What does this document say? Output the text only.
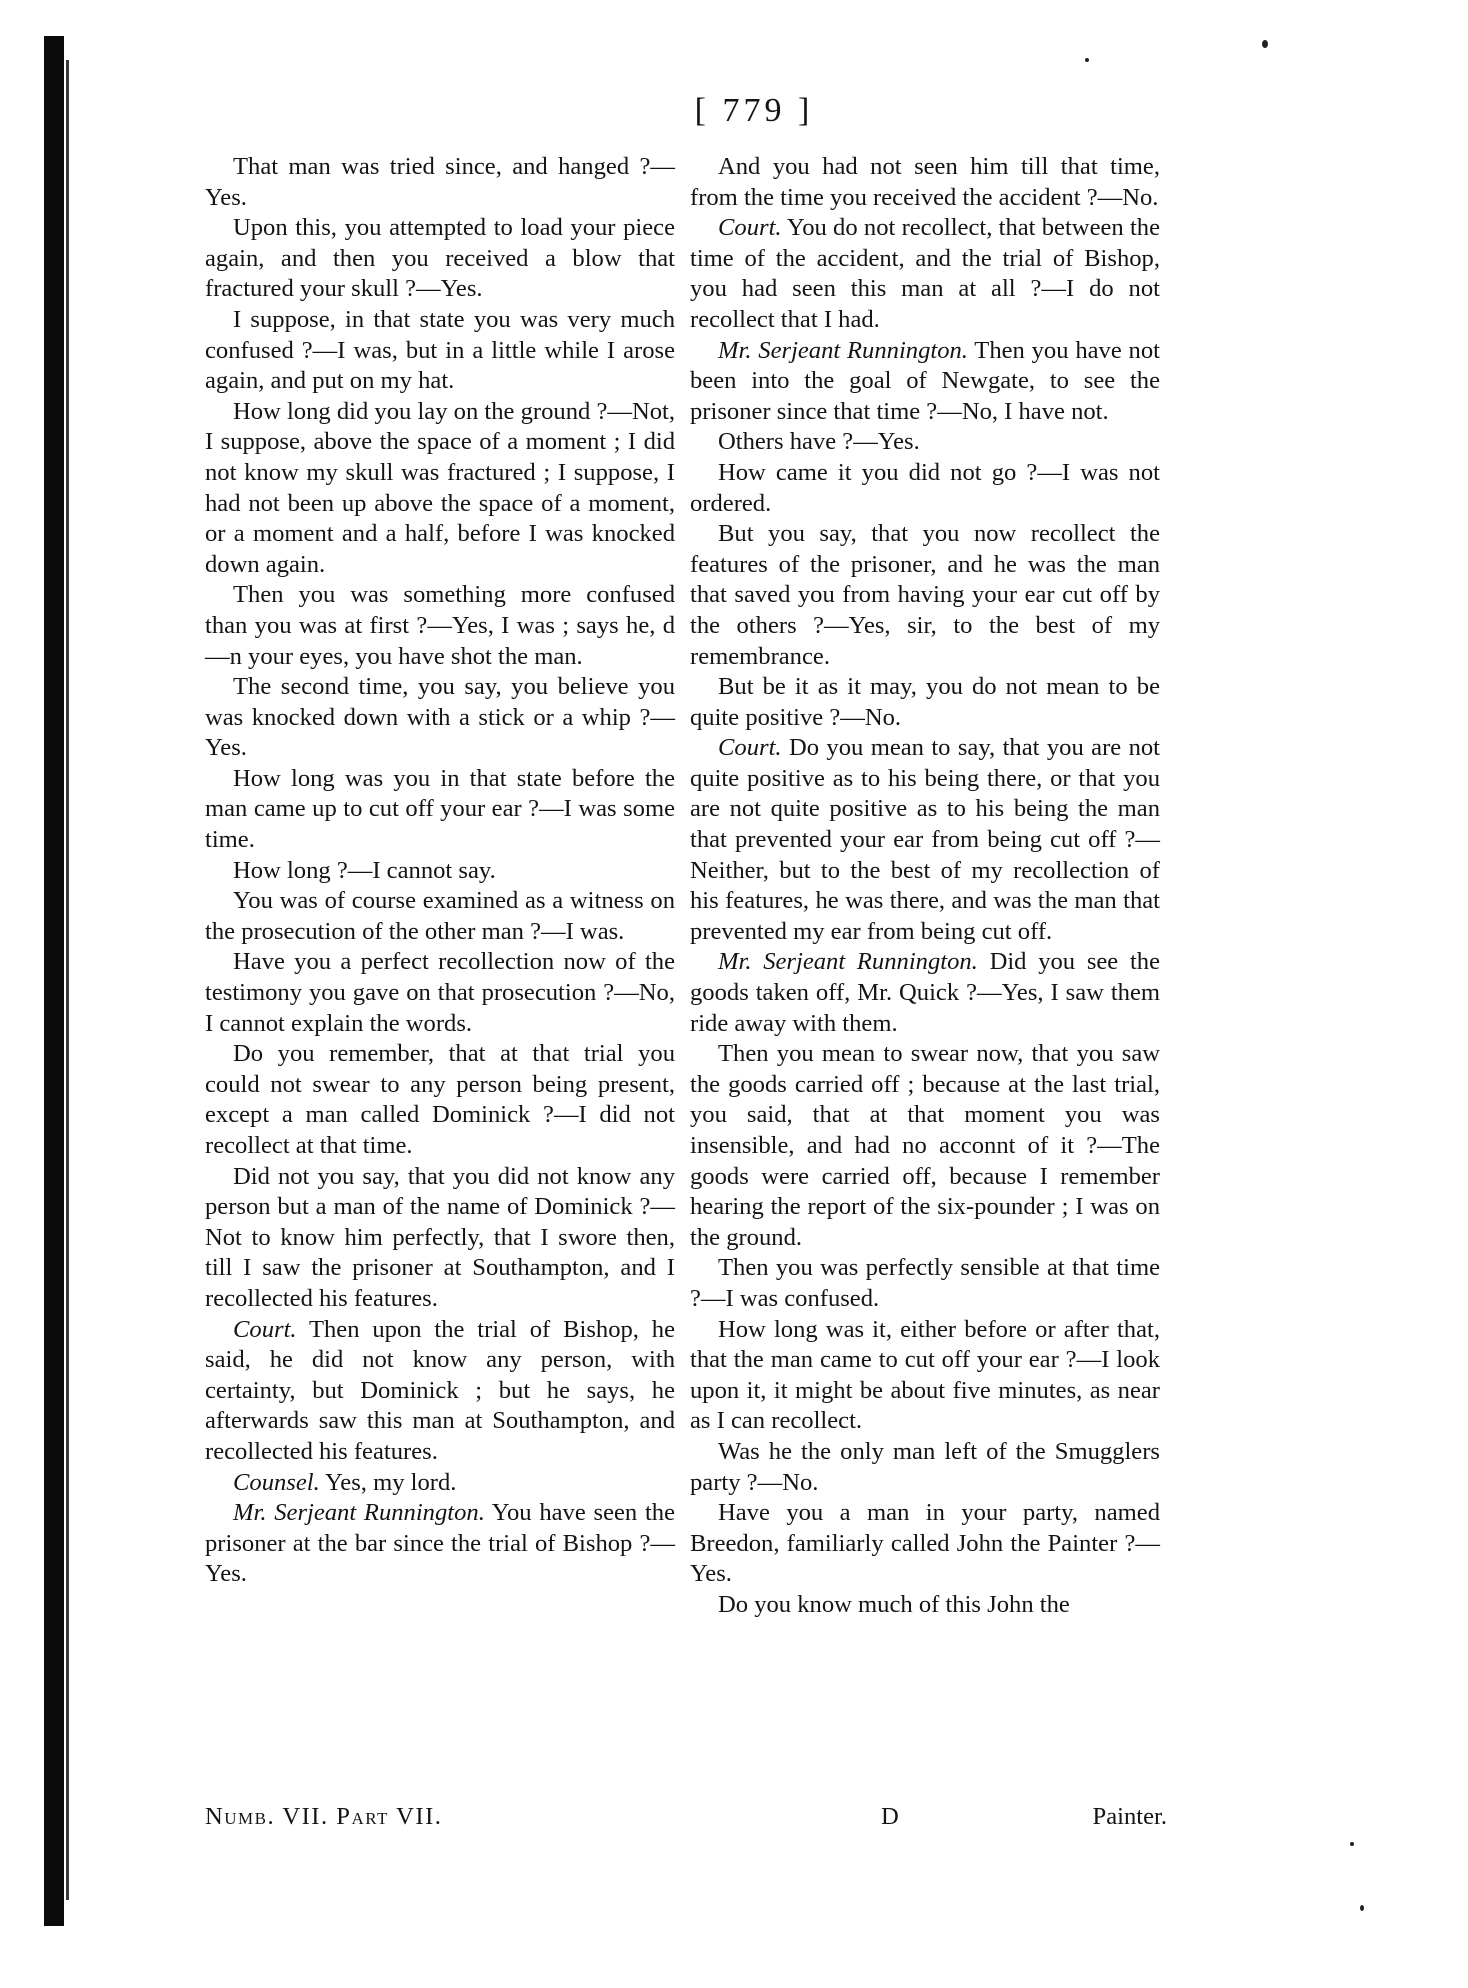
[ 779 ]

That man was tried since, and hanged ?—Yes.

Upon this, you attempted to load your piece again, and then you received a blow that fractured your skull ?—Yes.

I suppose, in that state you was very much confused ?—I was, but in a little while I arose again, and put on my hat.

How long did you lay on the ground ?—Not, I suppose, above the space of a moment ; I did not know my skull was fractured ; I suppose, I had not been up above the space of a moment, or a moment and a half, before I was knocked down again.

Then you was something more confused than you was at first ?—Yes, I was ; says he, d—n your eyes, you have shot the man.

The second time, you say, you believe you was knocked down with a stick or a whip ?—Yes.

How long was you in that state before the man came up to cut off your ear ?—I was some time.

How long ?—I cannot say.

You was of course examined as a witness on the prosecution of the other man ?—I was.

Have you a perfect recollection now of the testimony you gave on that prosecution ?—No, I cannot explain the words.

Do you remember, that at that trial you could not swear to any person being present, except a man called Dominick ?—I did not recollect at that time.

Did not you say, that you did not know any person but a man of the name of Dominick ?—Not to know him perfectly, that I swore then, till I saw the prisoner at Southampton, and I recollected his features.

Court. Then upon the trial of Bishop, he said, he did not know any person, with certainty, but Dominick ; but he says, he afterwards saw this man at Southampton, and recollected his features.

Counsel. Yes, my lord.

Mr. Serjeant Runnington. You have seen the prisoner at the bar since the trial of Bishop ?—Yes.

And you had not seen him till that time, from the time you received the accident ?—No.

Court. You do not recollect, that between the time of the accident, and the trial of Bishop, you had seen this man at all ?—I do not recollect that I had.

Mr. Serjeant Runnington. Then you have not been into the goal of Newgate, to see the prisoner since that time ?—No, I have not.

Others have ?—Yes.

How came it you did not go ?—I was not ordered.

But you say, that you now recollect the features of the prisoner, and he was the man that saved you from having your ear cut off by the others ?—Yes, sir, to the best of my remembrance.

But be it as it may, you do not mean to be quite positive ?—No.

Court. Do you mean to say, that you are not quite positive as to his being there, or that you are not quite positive as to his being the man that prevented your ear from being cut off ?—Neither, but to the best of my recollection of his features, he was there, and was the man that prevented my ear from being cut off.

Mr. Serjeant Runnington. Did you see the goods taken off, Mr. Quick ?—Yes, I saw them ride away with them.

Then you mean to swear now, that you saw the goods carried off ; because at the last trial, you said, that at that moment you was insensible, and had no acconnt of it ?—The goods were carried off, because I remember hearing the report of the six-pounder ; I was on the ground.

Then you was perfectly sensible at that time ?—I was confused.

How long was it, either before or after that, that the man came to cut off your ear ?—I look upon it, it might be about five minutes, as near as I can recollect.

Was he the only man left of the Smugglers party ?—No.

Have you a man in your party, named Breedon, familiarly called John the Painter ?—Yes.

Do you know much of this John the

Numb. VII. Part VII.	D	Painter.
